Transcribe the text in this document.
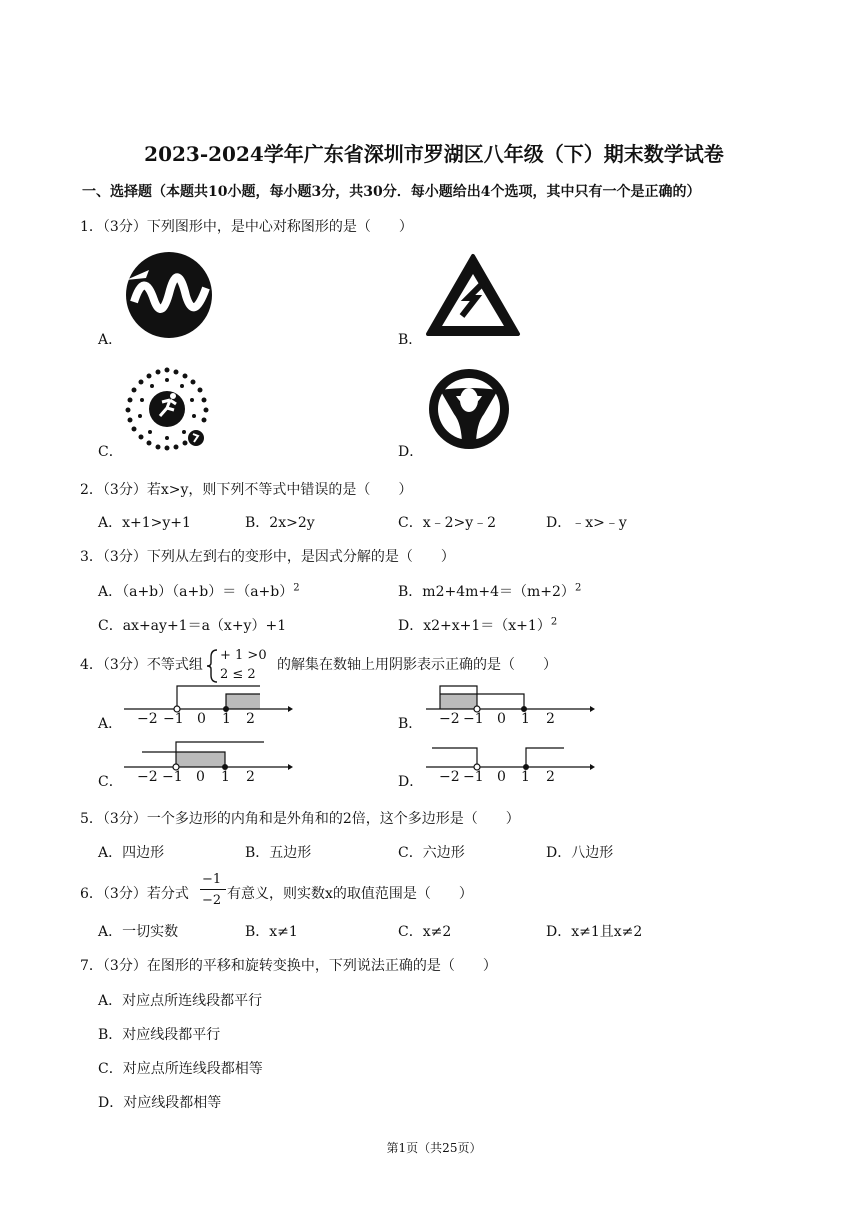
2023-2024学年广东省深圳市罗湖区八年级（下）期末数学试卷
一、选择题（本题共10小题，每小题3分，共30分．每小题给出4个选项，其中只有一个是正确的）
1．（3分）下列图形中，是中心对称图形的是（　　）
A．	B．
C．	D．
2．（3分）若x>y，则下列不等式中错误的是（　　）
A．x+1>y+1	B．2x>2y	C．x﹣2>y﹣2	D．﹣x>﹣y
3．（3分）下列从左到右的变形中，是因式分解的是（　　）
A．$(a+b)(a+b)=(a+b)^2$	B．$m2+4m+4=(m+2)^2$
C．ax+ay+1＝a（x+y）+1	D．$x2+x+1=(x+1)^2$
4．（3分）不等式组
+ 1 >0
2 ≤ 2
的解集在数轴上用阴影表示正确的是（　　）
A． −2 −1 0 1 2	B． −2 −1 0 1 2
C． −2 −1 0 1 2	D． −2 −1 0 1 2
5．（3分）一个多边形的内角和是外角和的2倍，这个多边形是（　　）
A．四边形	B．五边形	C．六边形	D．八边形
6．（3分）若分式
−1
−2 有意义，则实数x的取值范围是（　　）
A．一切实数	B．x≠1	C．x≠2	D．x≠1且x≠2
7．（3分）在图形的平移和旋转变换中，下列说法正确的是（　　）
A．对应点所连线段都平行
B．对应线段都平行
C．对应点所连线段都相等
D．对应线段都相等
第1页（共25页）
